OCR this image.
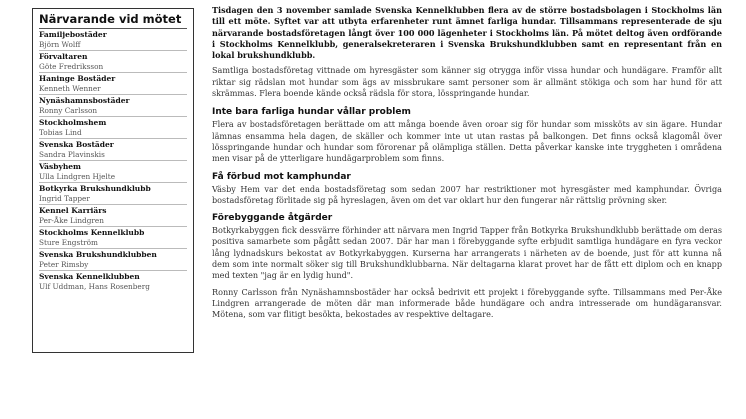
Närvarande vid mötet
Familjebostäder
Björn Wolff
Förvaltaren
Göte Fredriksson
Haninge Bostäder
Kenneth Wenner
Nynäshamnsbostäder
Ronny Carlsson
Stockholmshem
Tobias Lind
Svenska Bostäder
Sandra Plavinskis
Väsbyhem
Ulla Lindgren Hjelte
Botkyrka Brukshundklubb
Ingrid Tapper
Kennel Karriärs
Per-Åke Lindgren
Stockholms Kennelklubb
Sture Engström
Svenska Brukshundklubben
Peter Rimsby
Svenska Kennelklubben
Ulf Uddman, Hans Rosenberg

Tisdagen den 3 november samlade Svenska Kennelklubben flera av de större bostadsbolagen i Stockholms län till ett möte. Syftet var att utbyta erfarenheter runt ämnet farliga hundar. Tillsammans representerade de sju närvarande bostadsföretagen långt över 100 000 lägenheter i Stockholms län. På mötet deltog även ordförande i Stockholms Kennelklubb, generalsekreteraren i Svenska Brukshundklubben samt en representant från en lokal brukshundklubb.

Samtliga bostadsföretag vittnade om hyresgäster som känner sig otrygga inför vissa hundar och hundägare. Framför allt riktar sig rädslan mot hundar som ägs av missbrukare samt personer som är allmänt stökiga och som har hund för att skrämmas. Flera boende kände också rädsla för stora, lösspringande hundar.

Inte bara farliga hundar vållar problem

Flera av bostadsföretagen berättade om att många boende även oroar sig för hundar som missköts av sin ägare. Hundar lämnas ensamma hela dagen, de skäller och kommer inte ut utan rastas på balkongen. Det finns också klagomål över lösspringande hundar och hundar som förorenar på olämpliga ställen. Detta påverkar kanske inte tryggheten i områdena men visar på de ytterligare hundägarproblem som finns.

Få förbud mot kamphundar

Väsby Hem var det enda bostadsföretag som sedan 2007 har restriktioner mot hyresgäster med kamphundar. Övriga bostadsföretag förlitade sig på hyreslagen, även om det var oklart hur den fungerar när rättslig prövning sker.

Förebyggande åtgärder

Botkyrkabyggen fick dessvärre förhinder att närvara men Ingrid Tapper från Botkyrka Brukshundklubb berättade om deras positiva samarbete som pågått sedan 2007. Där har man i förebyggande syfte erbjudit samtliga hundägare en fyra veckor lång lydnadskurs bekostat av Botkyrkabyggen. Kurserna har arrangerats i närheten av de boende, just för att kunna nå dem som inte normalt söker sig till Brukshundklubbarna. När deltagarna klarat provet har de fått ett diplom och en knapp med texten "jag är en lydig hund".

Ronny Carlsson från Nynäshamnsbostäder har också bedrivit ett projekt i förebyggande syfte. Tillsammans med Per-Åke Lindgren arrangerade de möten där man informerade både hundägare och andra intresserade om hundägaransvar. Mötena, som var flitigt besökta, bekostades av respektive deltagare.
